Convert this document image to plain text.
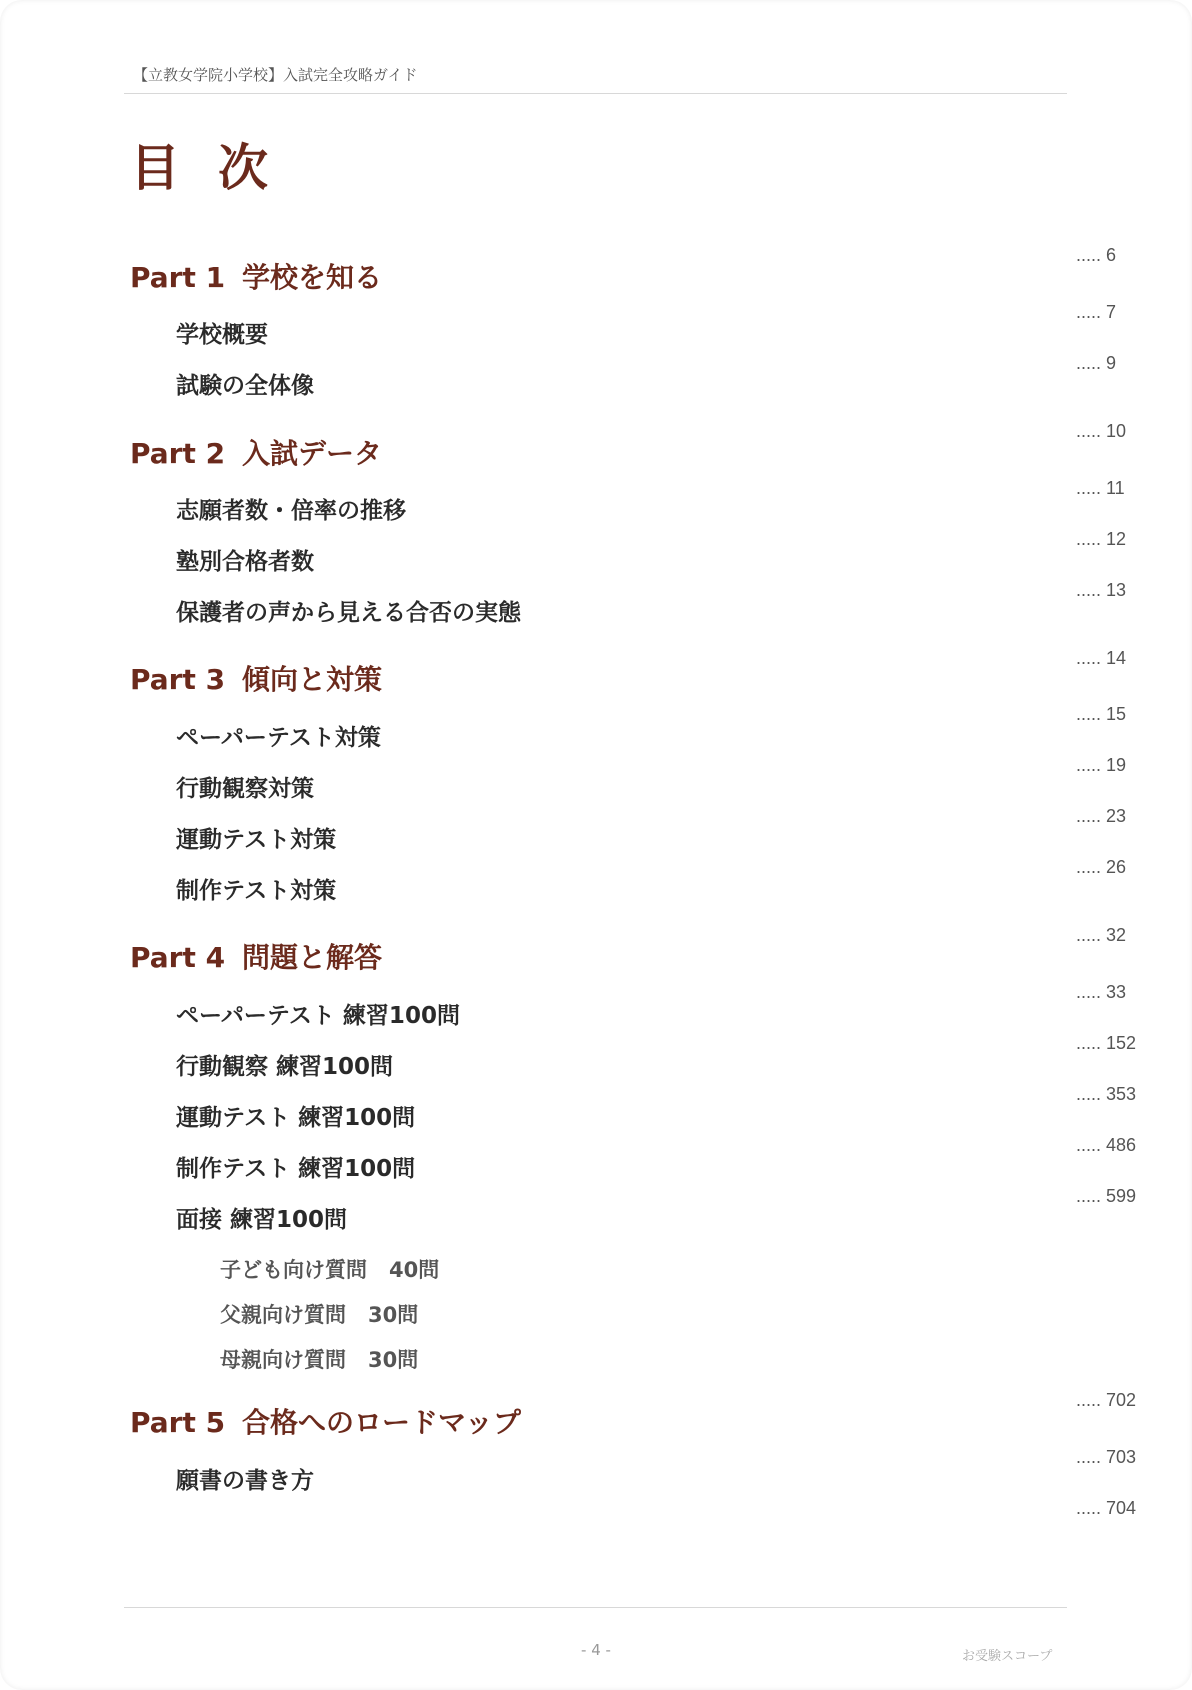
【立教女学院小学校】入試完全攻略ガイド
目 次
Part 1 学校を知る
..... 6
学校概要
..... 7
試験の全体像
..... 9
Part 2 入試データ
..... 10
志願者数・倍率の推移
..... 11
塾別合格者数
..... 12
保護者の声から見える合否の実態
..... 13
Part 3 傾向と対策
..... 14
ペーパーテスト対策
..... 15
行動観察対策
..... 19
運動テスト対策
..... 23
制作テスト対策
..... 26
Part 4 問題と解答
..... 32
ペーパーテスト 練習100問
..... 33
行動観察 練習100問
..... 152
運動テスト 練習100問
..... 353
制作テスト 練習100問
..... 486
面接 練習100問
..... 599
子ども向け質問 40問
父親向け質問 30問
母親向け質問 30問
Part 5 合格へのロードマップ
..... 702
願書の書き方
..... 703
..... 704
- 4 -	お受験スコープ
